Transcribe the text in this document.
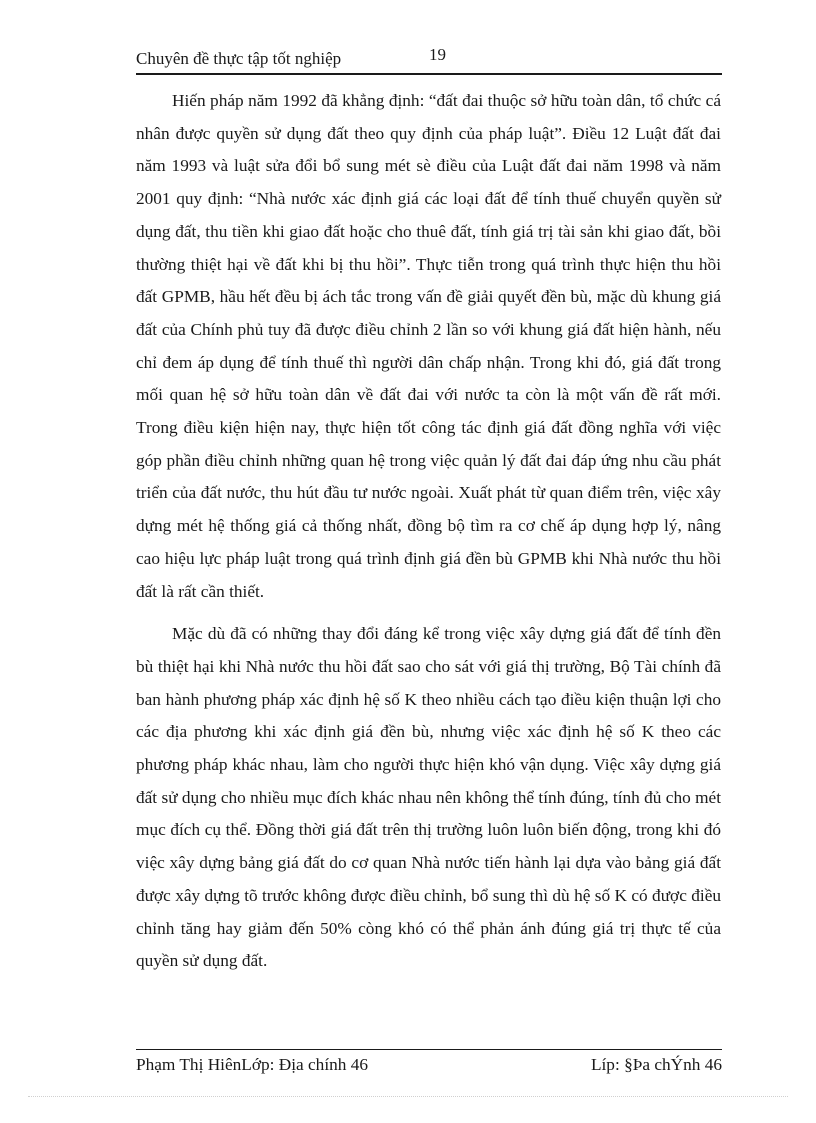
Chuyên đề thực tập tốt nghiệp	19

Hiến pháp năm 1992 đã khẳng định: “đất đai thuộc sở hữu toàn dân, tổ chức cá nhân được quyền sử dụng đất theo quy định của pháp luật”. Điều 12 Luật đất đai năm 1993 và luật sửa đổi bổ sung mét sè điều của Luật đất đai năm 1998 và năm 2001 quy định: “Nhà nước xác định giá các loại đất để tính thuế chuyển quyền sử dụng đất, thu tiền khi giao đất hoặc cho thuê đất, tính giá trị tài sản khi giao đất, bồi thường thiệt hại về đất khi bị thu hồi”. Thực tiễn trong quá trình thực hiện thu hồi đất GPMB, hầu hết đều bị ách tắc trong vấn đề giải quyết đền bù, mặc dù khung giá đất của Chính phủ tuy đã được điều chỉnh 2 lần so với khung giá đất hiện hành, nếu chỉ đem áp dụng để tính thuế thì người dân chấp nhận. Trong khi đó, giá đất trong mối quan hệ sở hữu toàn dân về đất đai với nước ta còn là một vấn đề rất mới. Trong điều kiện hiện nay, thực hiện tốt công tác định giá đất đồng nghĩa với việc góp phần điều chỉnh những quan hệ trong việc quản lý đất đai đáp ứng nhu cầu phát triển của đất nước, thu hút đầu tư nước ngoài. Xuất phát từ quan điểm trên, việc xây dựng mét hệ thống giá cả thống nhất, đồng bộ tìm ra cơ chế áp dụng hợp lý, nâng cao hiệu lực pháp luật trong quá trình định giá đền bù GPMB khi Nhà nước thu hồi đất là rất cần thiết.

Mặc dù đã có những thay đổi đáng kể trong việc xây dựng giá đất để tính đền bù thiệt hại khi Nhà nước thu hồi đất sao cho sát với giá thị trường, Bộ Tài chính đã ban hành phương pháp xác định hệ số K theo nhiều cách tạo điều kiện thuận lợi cho các địa phương khi xác định giá đền bù, nhưng việc xác định hệ số K theo các phương pháp khác nhau, làm cho người thực hiện khó vận dụng. Việc xây dựng giá đất sử dụng cho nhiều mục đích khác nhau nên không thể tính đúng, tính đủ cho mét mục đích cụ thể. Đồng thời giá đất trên thị trường luôn luôn biến động, trong khi đó việc xây dựng bảng giá đất do cơ quan Nhà nước tiến hành lại dựa vào bảng giá đất được xây dựng tõ trước không được điều chỉnh, bổ sung thì dù hệ số K có được điều chỉnh tăng hay giảm đến 50% còng khó có thể phản ánh đúng giá trị thực tế của quyền sử dụng đất.

Phạm Thị HiênLớp: Địa chính 46	Líp: §Þa chÝnh 46
